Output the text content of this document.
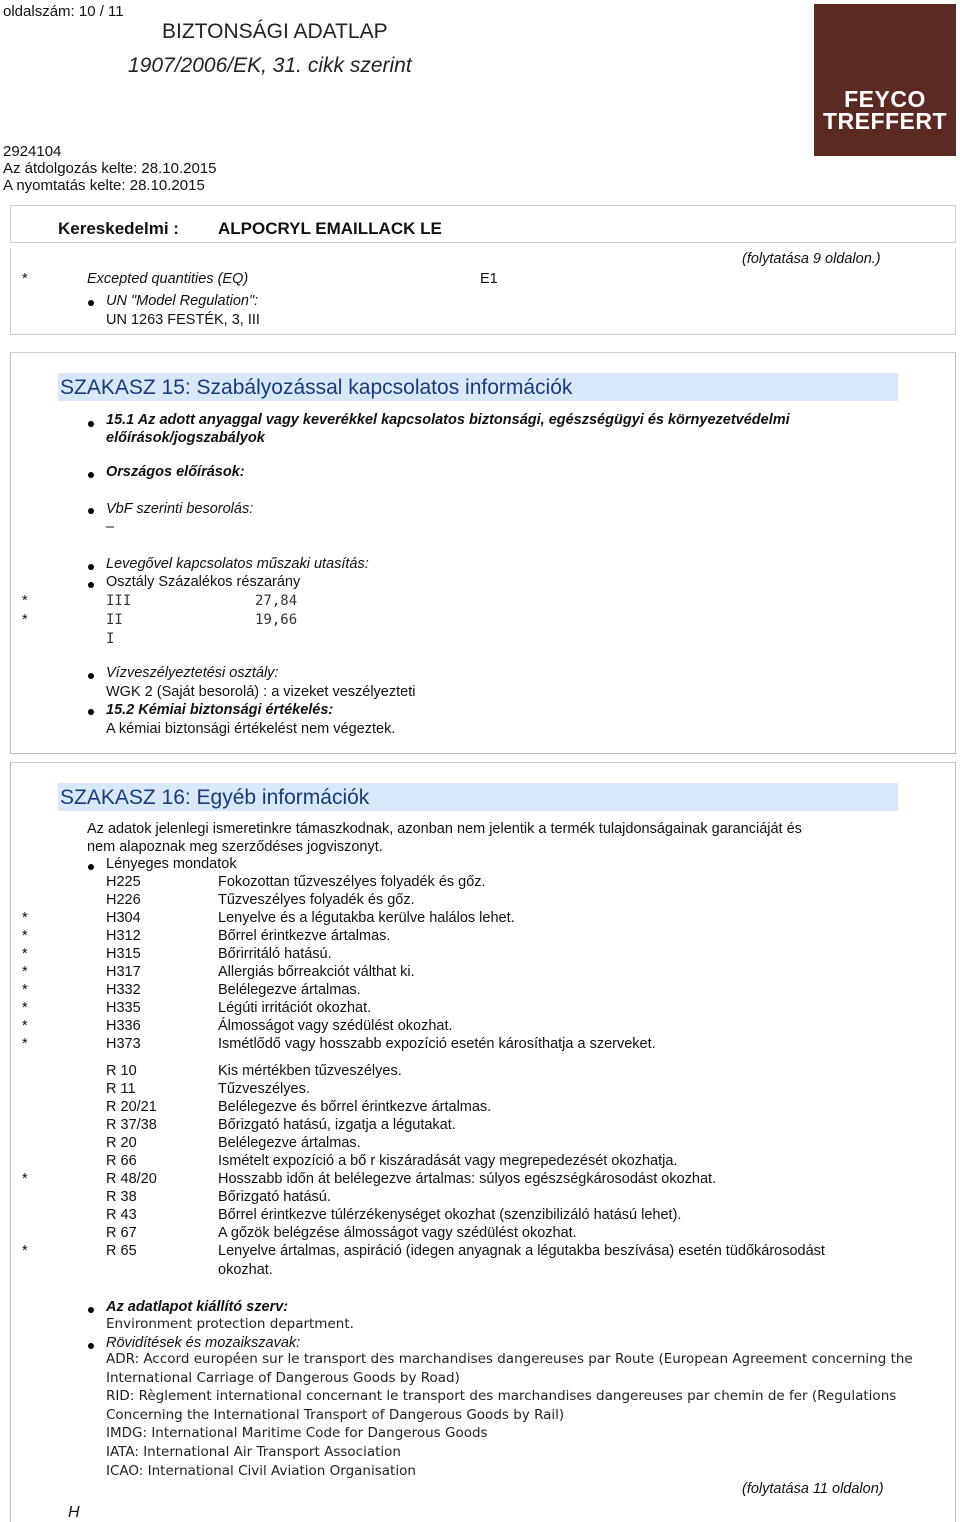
oldalszám: 10 / 11
BIZTONSÁGI ADATLAP
1907/2006/EK, 31. cikk szerint
2924104
Az átdolgozás kelte: 28.10.2015
A nyomtatás kelte: 28.10.2015
FEYCO
TREFFERT
Kereskedelmi : ALPOCRYL EMAILLACK LE
(folytatása 9 oldalon.)
*	Excepted quantities (EQ)	E1
UN "Model Regulation":
UN 1263 FESTÉK, 3, III
SZAKASZ 15: Szabályozással kapcsolatos információk
15.1 Az adott anyaggal vagy keverékkel kapcsolatos biztonsági, egészségügyi és környezetvédelmi
előírások/jogszabályok
Országos előírások:
VbF szerinti besorolás:
–
Levegővel kapcsolatos műszaki utasítás:
Osztály Százalékos részarány
*	III	27,84
*	II	19,66
I
Vízveszélyeztetési osztály:
WGK 2 (Saját besorolá) : a vizeket veszélyezteti
15.2 Kémiai biztonsági értékelés:
A kémiai biztonsági értékelést nem végeztek.
SZAKASZ 16: Egyéb információk
Az adatok jelenlegi ismeretinkre támaszkodnak, azonban nem jelentik a termék tulajdonságainak garanciáját és
nem alapoznak meg szerződéses jogviszonyt.
Lényeges mondatok
H225	Fokozottan tűzveszélyes folyadék és gőz.
H226	Tűzveszélyes folyadék és gőz.
*	H304	Lenyelve és a légutakba kerülve halálos lehet.
*	H312	Bőrrel érintkezve ártalmas.
*	H315	Bőrirritáló hatású.
*	H317	Allergiás bőrreakciót válthat ki.
*	H332	Belélegezve ártalmas.
*	H335	Légúti irritációt okozhat.
*	H336	Álmosságot vagy szédülést okozhat.
*	H373	Ismétlődő vagy hosszabb expozíció esetén károsíthatja a szerveket.
R 10	Kis mértékben tűzveszélyes.
R 11	Tűzveszélyes.
R 20/21	Belélegezve és bőrrel érintkezve ártalmas.
R 37/38	Bőrizgató hatású, izgatja a légutakat.
R 20	Belélegezve ártalmas.
R 66	Ismételt expozíció a bő r kiszáradását vagy megrepedezését okozhatja.
*	R 48/20	Hosszabb időn át belélegezve ártalmas: súlyos egészségkárosodást okozhat.
R 38	Bőrizgató hatású.
R 43	Bőrrel érintkezve túlérzékenységet okozhat (szenzibilizáló hatású lehet).
R 67	A gőzök belégzése álmosságot vagy szédülést okozhat.
*	R 65	Lenyelve ártalmas, aspiráció (idegen anyagnak a légutakba beszívása) esetén tüdőkárosodást
okozhat.
Az adatlapot kiállító szerv:
Environment protection department.
Rövidítések és mozaikszavak:
ADR: Accord européen sur le transport des marchandises dangereuses par Route (European Agreement concerning the
International Carriage of Dangerous Goods by Road)
RID: Règlement international concernant le transport des marchandises dangereuses par chemin de fer (Regulations
Concerning the International Transport of Dangerous Goods by Rail)
IMDG: International Maritime Code for Dangerous Goods
IATA: International Air Transport Association
ICAO: International Civil Aviation Organisation
H
(folytatása 11 oldalon)
